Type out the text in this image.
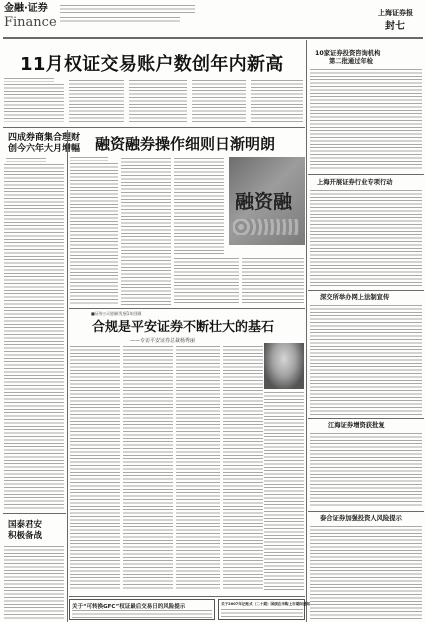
金融·证券
Finance
上海证券报
封七
11月权证交易账户数创年内新高
四成券商集合理财
创今六年大月增幅
国泰君安
积极备战
融资融券操作细则日渐明朗
融资融
■证券公司创新发展1年回顾
合规是平安证券不断壮大的基石
——专访平安证券总裁杨秀丽
关于“可转换GFC”权证最后交易日的风险提示	关于2007年记账式（二十期）国债在申购上市期间通知
10家证券投资咨询机构
第二批通过年检
上海开展证券行业专项行动
深交所举办网上法制宣传
江海证券增资获批复
泰合证券加强投资人风险提示
